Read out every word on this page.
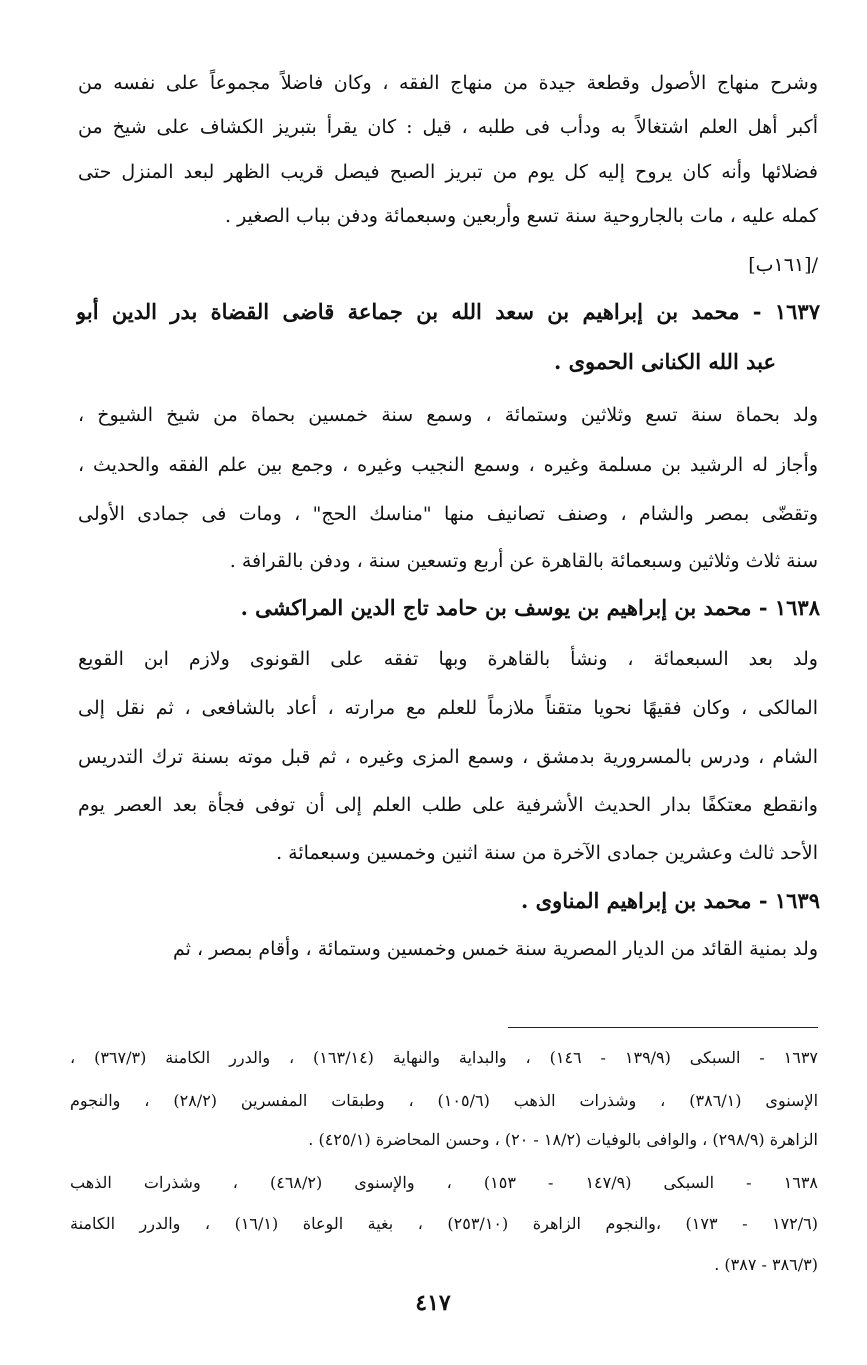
وشرح منهاج الأصول وقطعة جيدة من منهاج الفقه ، وكان فاضلاً مجموعاً على نفسه من
أكبر أهل العلم اشتغالاً به ودأب فى طلبه ، قيل : كان يقرأ بتبريز الكشاف على شيخ من
فضلائها وأنه كان يروح إليه كل يوم من تبريز الصبح فيصل قريب الظهر لبعد المنزل حتى
كمله عليه ، مات بالجاروحية سنة تسع وأربعين وسبعمائة ودفن بباب الصغير .
/[١٦١ب]
١٦٣٧ - محمد بن إبراهيم بن سعد الله بن جماعة قاضى القضاة بدر الدين أبو
عبد الله الكنانى الحموى .
ولد بحماة سنة تسع وثلاثين وستمائة ، وسمع سنة خمسين بحماة من شيخ الشيوخ ،
وأجاز له الرشيد بن مسلمة وغيره ، وسمع النجيب وغيره ، وجمع بين علم الفقه والحديث ،
وتقضّى بمصر والشام ، وصنف تصانيف منها "مناسك الحج" ، ومات فى جمادى الأولى
سنة ثلاث وثلاثين وسبعمائة بالقاهرة عن أربع وتسعين سنة ، ودفن بالقرافة .
١٦٣٨ - محمد بن إبراهيم بن يوسف بن حامد تاج الدين المراكشى .
ولد بعد السبعمائة ، ونشأ بالقاهرة وبها تفقه على القونوى ولازم ابن القويع
المالكى ، وكان فقيهًا نحويا متقناً ملازماً للعلم مع مرارته ، أعاد بالشافعى ، ثم نقل إلى
الشام ، ودرس بالمسرورية بدمشق ، وسمع المزى وغيره ، ثم قبل موته بسنة ترك التدريس
وانقطع معتكفًا بدار الحديث الأشرفية على طلب العلم إلى أن توفى فجأة بعد العصر يوم
الأحد ثالث وعشرين جمادى الآخرة من سنة اثنين وخمسين وسبعمائة .
١٦٣٩ - محمد بن إبراهيم المناوى .
ولد بمنية القائد من الديار المصرية سنة خمس وخمسين وستمائة ، وأقام بمصر ، ثم
١٦٣٧ - السبكى (١٣٩/٩ - ١٤٦) ، والبداية والنهاية (١٦٣/١٤) ، والدرر الكامنة (٣٦٧/٣) ،
الإسنوى (٣٨٦/١) ، وشذرات الذهب (١٠٥/٦) ، وطبقات المفسرين (٢٨/٢) ، والنجوم
الزاهرة (٢٩٨/٩) ، والوافى بالوفيات (١٨/٢ - ٢٠) ، وحسن المحاضرة (٤٢٥/١) .
١٦٣٨ - السبكى (١٤٧/٩ - ١٥٣) ، والإسنوى (٤٦٨/٢) ، وشذرات الذهب
(١٧٢/٦ - ١٧٣) ،والنجوم الزاهرة (٢٥٣/١٠) ، بغية الوعاة (١٦/١) ، والدرر الكامنة
(٣٨٦/٣ - ٣٨٧) .
٤١٧
